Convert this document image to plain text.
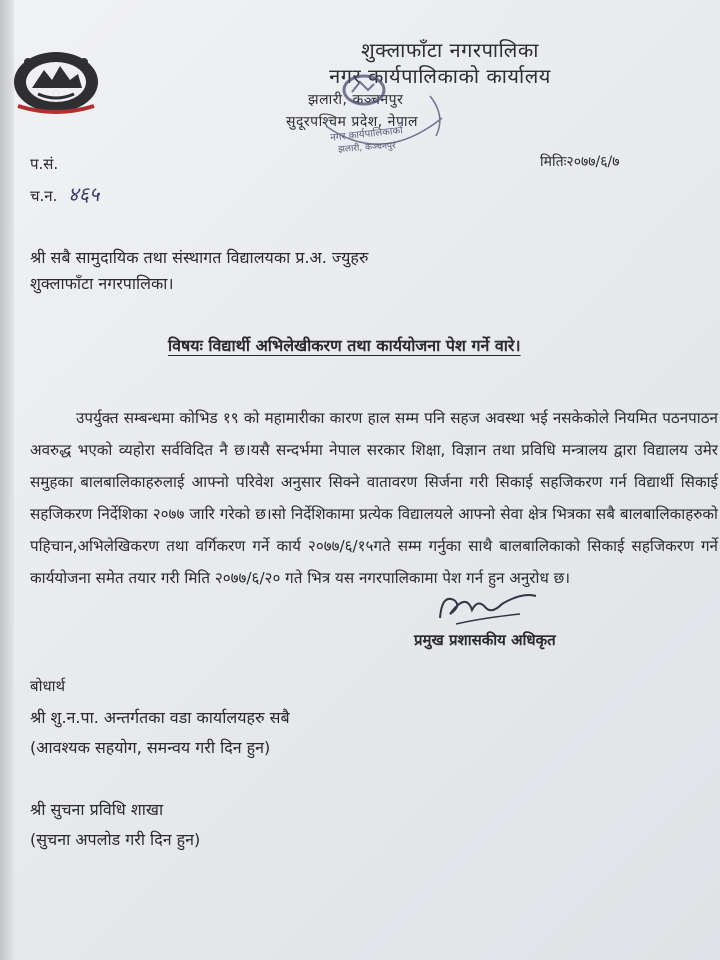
शुक्लाफाँटा नगरपालिका
नगर कार्यपालिकाको कार्यालय
झलारी, कञ्चनपुर
सुदूरपश्चिम प्रदेश, नेपाल
नगर कार्यपालिकाको
झलारी, कञ्चनपुर
प.सं.
च.न. ४६५
मितिः२०७७/६/७
श्री सबै सामुदायिक तथा संस्थागत विद्यालयका प्र.अ. ज्युहरु
शुक्लाफाँटा नगरपालिका।
विषयः विद्यार्थी अभिलेखीकरण तथा कार्ययोजना पेश गर्ने वारे।
उपर्युक्त सम्बन्धमा कोभिड १९ को महामारीका कारण हाल सम्म पनि सहज अवस्था भई नसकेकोले नियमित पठनपाठन अवरुद्ध भएको व्यहोरा सर्वविदित नै छ।यसै सन्दर्भमा नेपाल सरकार शिक्षा, विज्ञान तथा प्रविधि मन्त्रालय द्वारा विद्यालय उमेर समुहका बालबालिकाहरुलाई आफ्नो परिवेश अनुसार सिक्ने वातावरण सिर्जना गरी सिकाई सहजिकरण गर्न विद्यार्थी सिकाई सहजिकरण निर्देशिका २०७७ जारि गरेको छ।सो निर्देशिकामा प्रत्येक विद्यालयले आफ्नो सेवा क्षेत्र भित्रका सबै बालबालिकाहरुको पहिचान,अभिलेखिकरण तथा वर्गिकरण गर्ने कार्य २०७७/६/१५गते सम्म गर्नुका साथै बालबालिकाको सिकाई सहजिकरण गर्ने कार्ययोजना समेत तयार गरी मिति २०७७/६/२० गते भित्र यस नगरपालिकामा पेश गर्न हुन अनुरोध छ।
प्रमुख प्रशासकीय अधिकृत
बोधार्थ
श्री शु.न.पा. अन्तर्गतका वडा कार्यालयहरु सबै
(आवश्यक सहयोग, समन्वय गरी दिन हुन)
श्री सुचना प्रविधि शाखा
(सुचना अपलोड गरी दिन हुन)
